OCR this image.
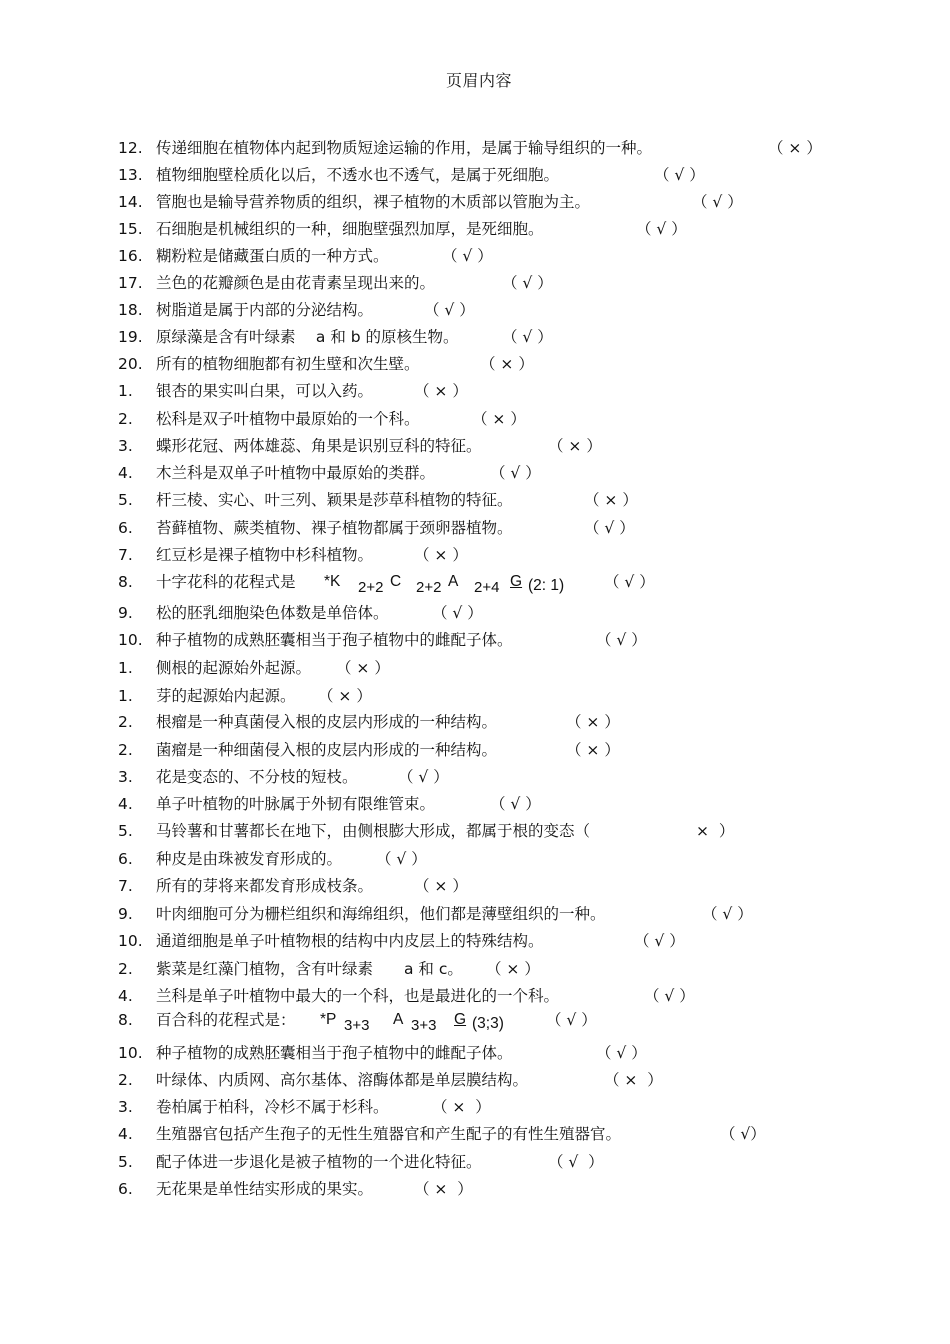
页眉内容
12. 传递细胞在植物体内起到物质短途运输的作用，是属于输导组织的一种。	（ × ）
13. 植物细胞壁栓质化以后，不透水也不透气，是属于死细胞。	（ √ ）
14. 管胞也是输导营养物质的组织，裸子植物的木质部以管胞为主。	（ √ ）
15. 石细胞是机械组织的一种，细胞壁强烈加厚，是死细胞。	（ √ ）
16. 糊粉粒是储藏蛋白质的一种方式。	（ √ ）
17. 兰色的花瓣颜色是由花青素呈现出来的。	（ √ ）
18. 树脂道是属于内部的分泌结构。	（ √ ）
19. 原绿藻是含有叶绿素　 a 和 b 的原核生物。	（ √ ）
20. 所有的植物细胞都有初生壁和次生壁。	（ × ）
1. 银杏的果实叫白果，可以入药。	（ × ）
2. 松科是双子叶植物中最原始的一个科。	（ × ）
3. 蝶形花冠、两体雄蕊、角果是识别豆科的特征。	（ × ）
4. 木兰科是双单子叶植物中最原始的类群。	（ √ ）
5. 杆三棱、实心、叶三列、颖果是莎草科植物的特征。	（ × ）
6. 苔藓植物、蕨类植物、裸子植物都属于颈卵器植物。	（ √ ）
7. 红豆杉是裸子植物中杉科植物。	（ × ）
8. 十字花科的花程式是 *K 2+2 C 2+2 A 2+4 G (2: 1)	（ √ ）
9. 松的胚乳细胞染色体数是单倍体。	（ √ ）
10. 种子植物的成熟胚囊相当于孢子植物中的雌配子体。	（ √ ）
1. 侧根的起源始外起源。 （ × ）
1. 芽的起源始内起源。 （ × ）
2. 根瘤是一种真菌侵入根的皮层内形成的一种结构。	（ × ）
2. 菌瘤是一种细菌侵入根的皮层内形成的一种结构。	（ × ）
3. 花是变态的、不分枝的短枝。	（ √ ）
4. 单子叶植物的叶脉属于外韧有限维管束。	（ √ ）
5. 马铃薯和甘薯都长在地下，由侧根膨大形成，都属于根的变态（	×  ）
6. 种皮是由珠被发育形成的。 （ √ ）
7. 所有的芽将来都发育形成枝条。	（ × ）
9. 叶肉细胞可分为栅栏组织和海绵组织，他们都是薄壁组织的一种。	（ √ ）
10. 通道细胞是单子叶植物根的结构中内皮层上的特殊结构。	（ √ ）
2. 紫菜是红藻门植物，含有叶绿素　　a 和 c。 （ × ）
4. 兰科是单子叶植物中最大的一个科，也是最进化的一个科。	（ √ ）
8. 百合科的花程式是： *P 3+3 A 3+3 G (3;3)	（ √ ）
10. 种子植物的成熟胚囊相当于孢子植物中的雌配子体。	（ √ ）
2. 叶绿体、内质网、高尔基体、溶酶体都是单层膜结构。	（ ×  ）
3. 卷柏属于柏科，冷杉不属于杉科。	（ ×  ）
4. 生殖器官包括产生孢子的无性生殖器官和产生配子的有性生殖器官。	（ √）
5. 配子体进一步退化是被子植物的一个进化特征。	（ √  ）
6. 无花果是单性结实形成的果实。	（ ×  ）
